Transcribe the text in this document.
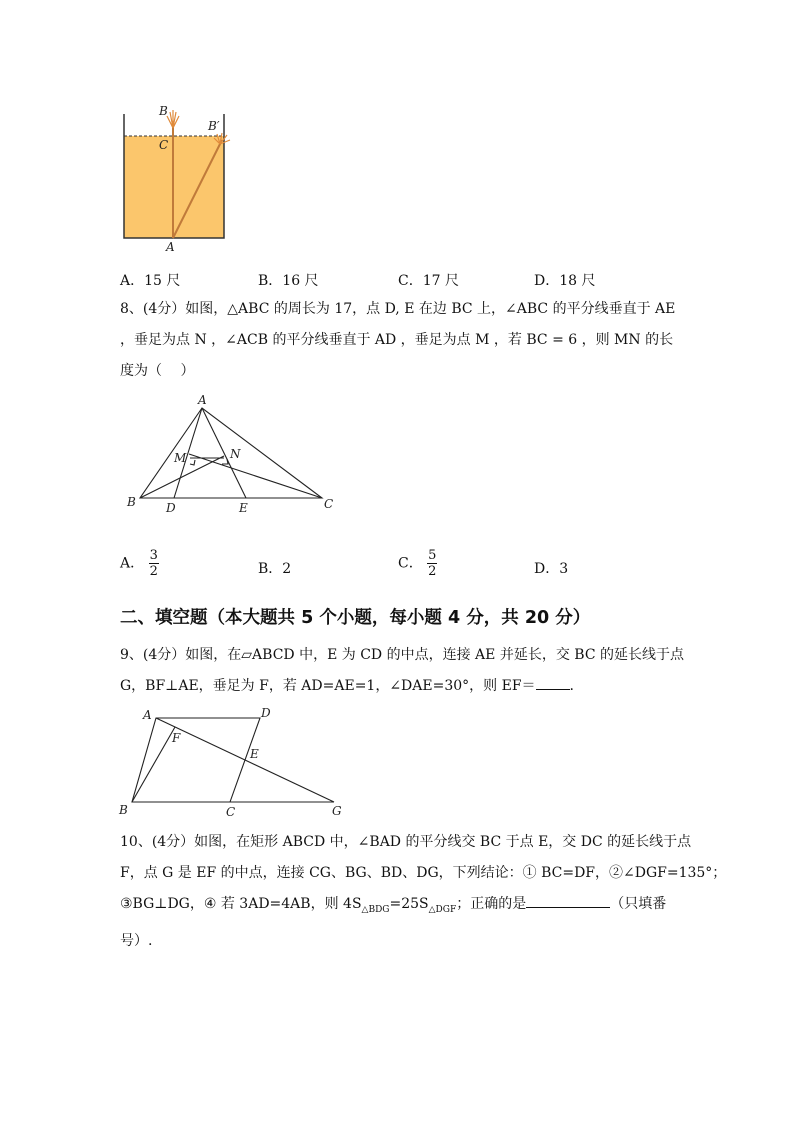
B
B′
C
A
A．15 尺	B．16 尺	C．17 尺	D．18 尺

8、(4分）如图，△ABC 的周长为 17，点 D, E 在边 BC 上，∠ABC 的平分线垂直于 AE

，垂足为点 N ，∠ACB 的平分线垂直于 AD ，垂足为点 M ，若 BC = 6 ，则 MN 的长

度为（　 ）

A
M	N
B	D	E	C
A． $\frac{3}{2}$	B．2	C． $\frac{5}{2}$	D．3
二、填空题（本大题共 5 个小题，每小题 4 分，共 20 分）

9、(4分）如图，在▱ABCD 中，E 为 CD 的中点，连接 AE 并延长，交 BC 的延长线于点

G，BF⊥AE，垂足为 F，若 AD=AE=1，∠DAE=30°，则 EF＝ .

A	D
F
E
B	C	G

10、(4分）如图，在矩形 ABCD 中，∠BAD 的平分线交 BC 于点 E，交 DC 的延长线于点

F，点 G 是 EF 的中点，连接 CG、BG、BD、DG，下列结论：① BC=DF，②∠DGF=135°；

③BG⊥DG，④ 若 3AD=4AB，则 $4S_{\triangle BDG}=25S_{\triangle DGF}$；正确的是	（只填番

号）.
